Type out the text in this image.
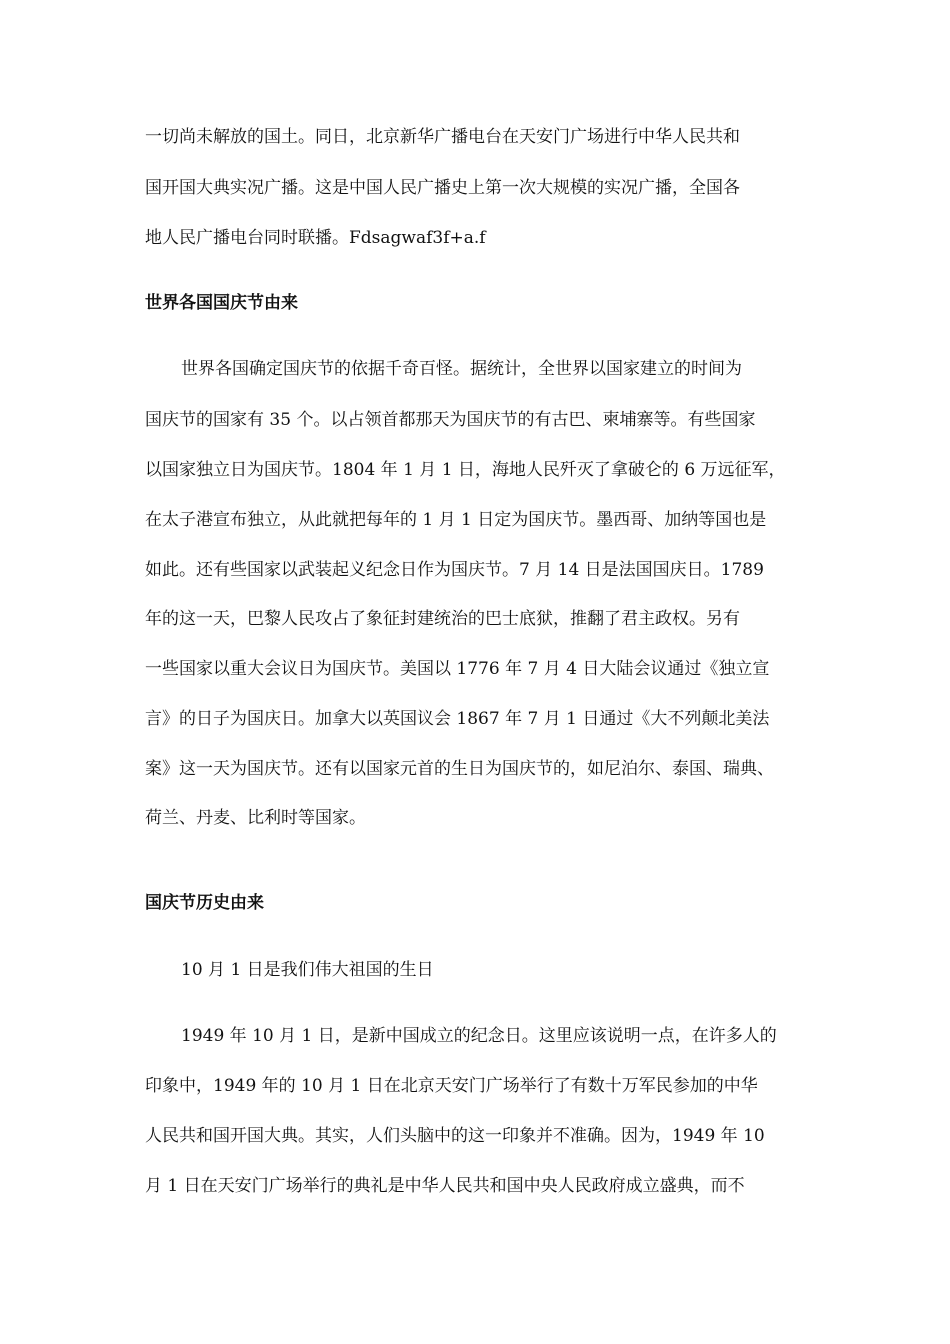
一切尚未解放的国土。同日，北京新华广播电台在天安门广场进行中华人民共和
国开国大典实况广播。这是中国人民广播史上第一次大规模的实况广播，全国各
地人民广播电台同时联播。Fdsagwaf3f+a.f
世界各国国庆节由来
世界各国确定国庆节的依据千奇百怪。据统计，全世界以国家建立的时间为
国庆节的国家有 35 个。以占领首都那天为国庆节的有古巴、柬埔寨等。有些国家
以国家独立日为国庆节。1804 年 1 月 1 日，海地人民歼灭了拿破仑的 6 万远征军，
在太子港宣布独立，从此就把每年的 1 月 1 日定为国庆节。墨西哥、加纳等国也是
如此。还有些国家以武装起义纪念日作为国庆节。7 月 14 日是法国国庆日。1789
年的这一天，巴黎人民攻占了象征封建统治的巴士底狱，推翻了君主政权。另有
一些国家以重大会议日为国庆节。美国以 1776 年 7 月 4 日大陆会议通过《独立宣
言》的日子为国庆日。加拿大以英国议会 1867 年 7 月 1 日通过《大不列颠北美法
案》这一天为国庆节。还有以国家元首的生日为国庆节的，如尼泊尔、泰国、瑞典、
荷兰、丹麦、比利时等国家。
国庆节历史由来
10 月 1 日是我们伟大祖国的生日
1949 年 10 月 1 日，是新中国成立的纪念日。这里应该说明一点，在许多人的
印象中，1949 年的 10 月 1 日在北京天安门广场举行了有数十万军民参加的中华
人民共和国开国大典。其实，人们头脑中的这一印象并不准确。因为，1949 年 10
月 1 日在天安门广场举行的典礼是中华人民共和国中央人民政府成立盛典，而不
